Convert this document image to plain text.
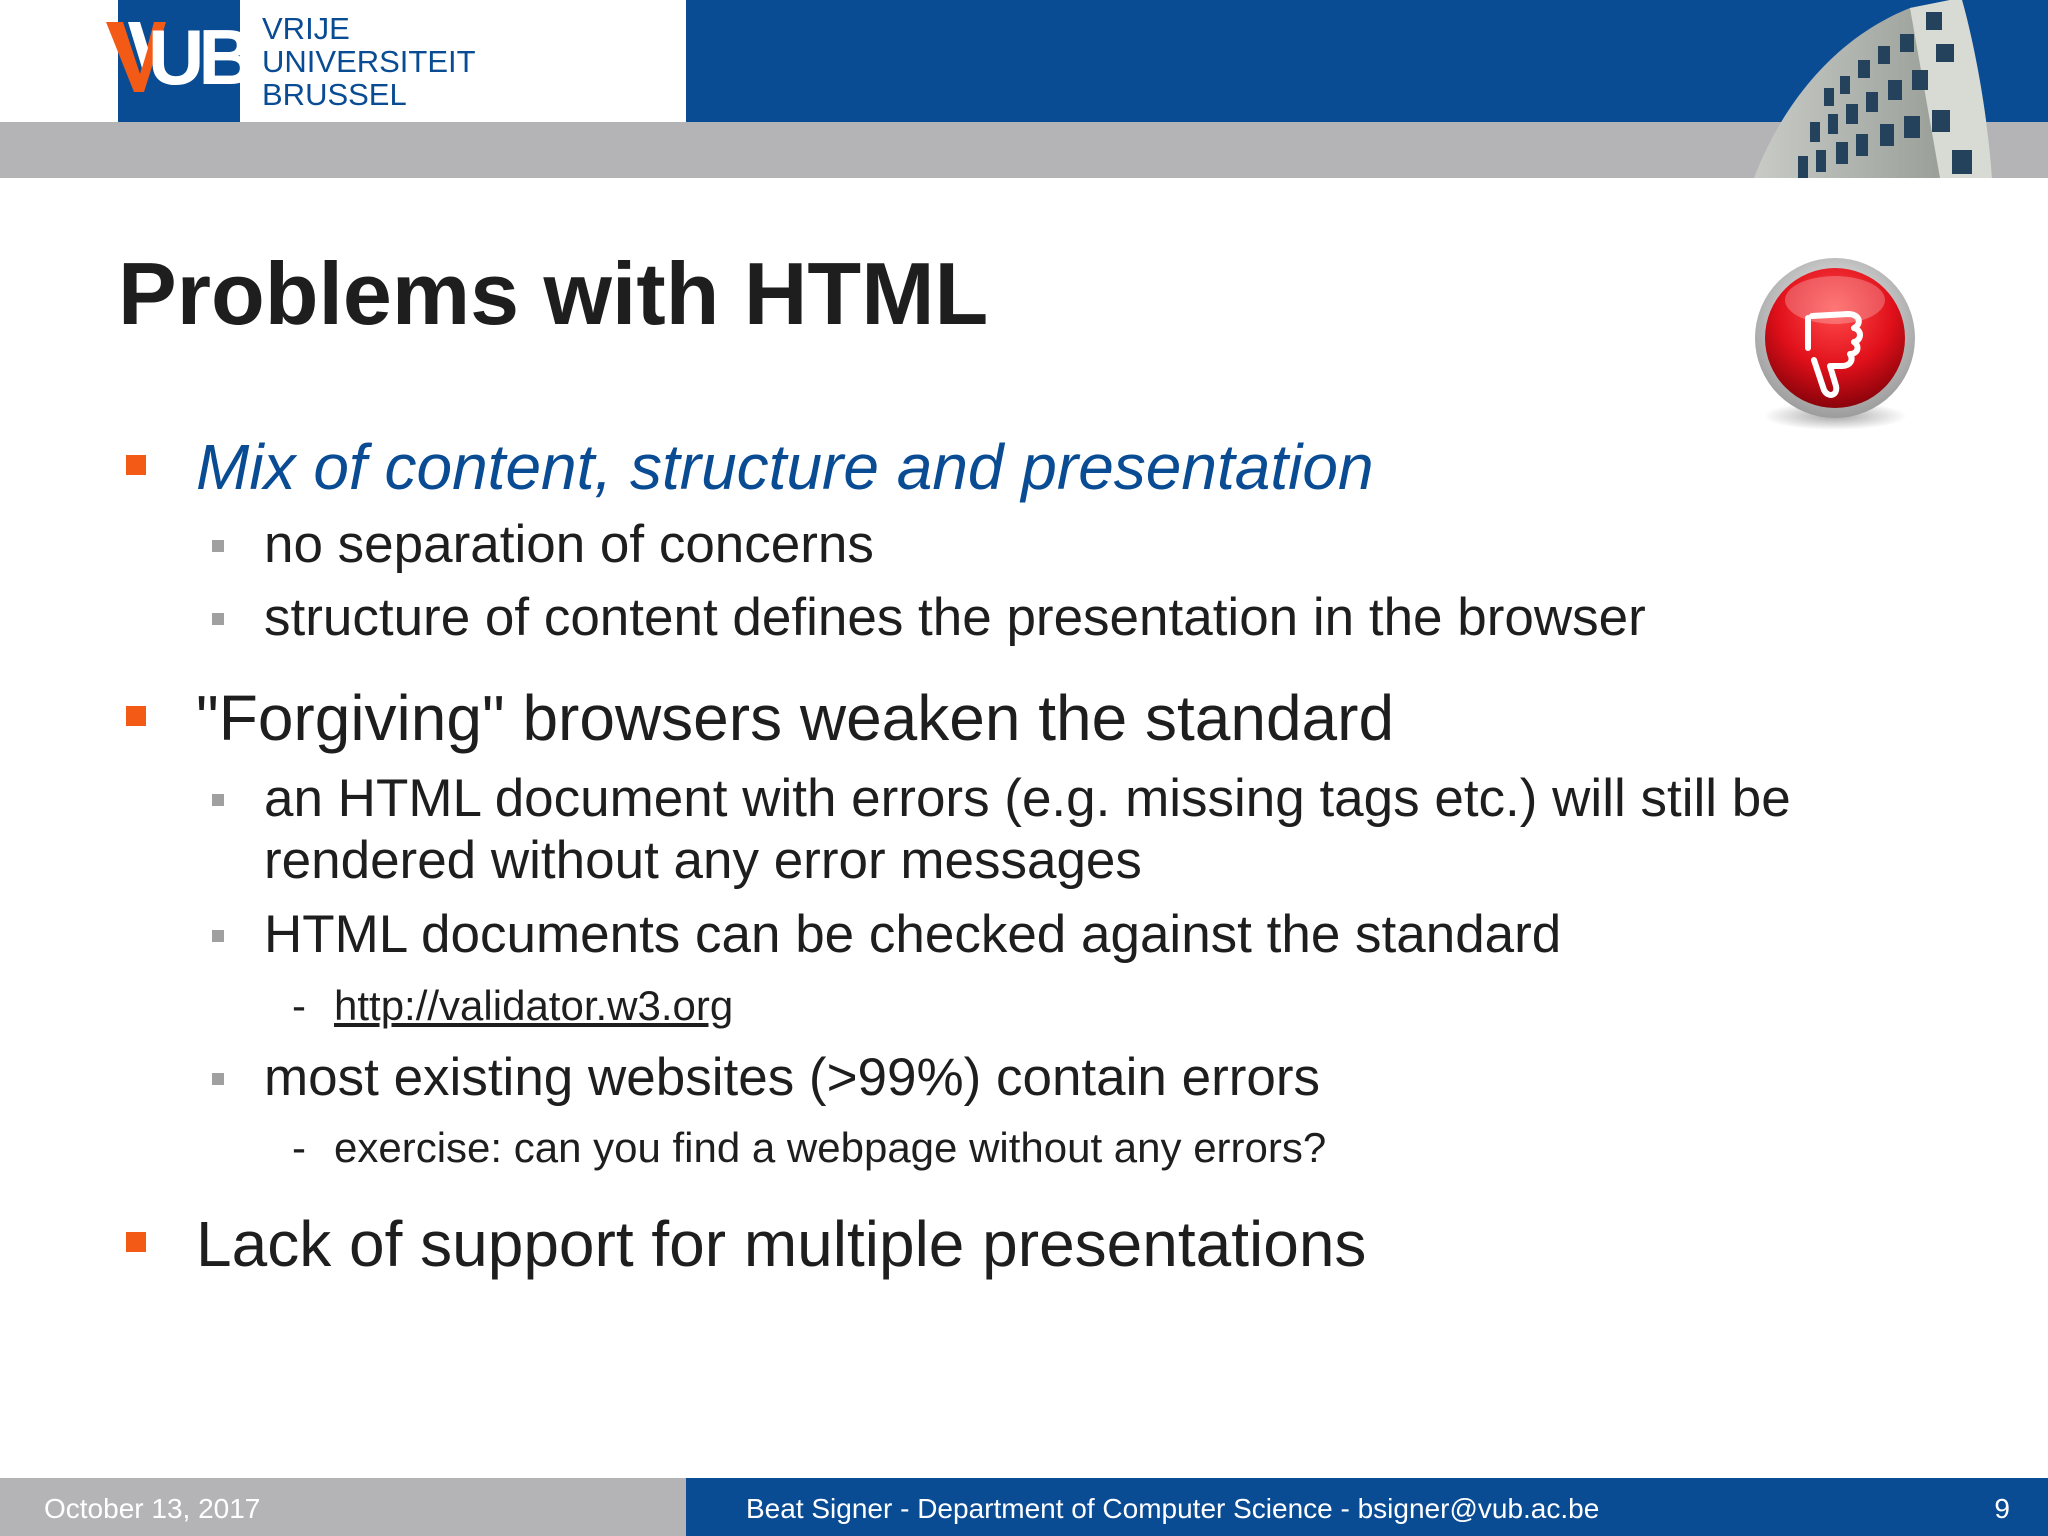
UB VRIJE
UNIVERSITEIT
BRUSSEL
Problems with HTML
Mix of content, structure and presentation
no separation of concerns
structure of content defines the presentation in the browser
"Forgiving" browsers weaken the standard
an HTML document with errors (e.g. missing tags etc.) will still be rendered without any error messages
HTML documents can be checked against the standard
- http://validator.w3.org
most existing websites (>99%) contain errors
- exercise: can you find a webpage without any errors?
Lack of support for multiple presentations
October 13, 2017	Beat Signer - Department of Computer Science - bsigner@vub.ac.be	9
